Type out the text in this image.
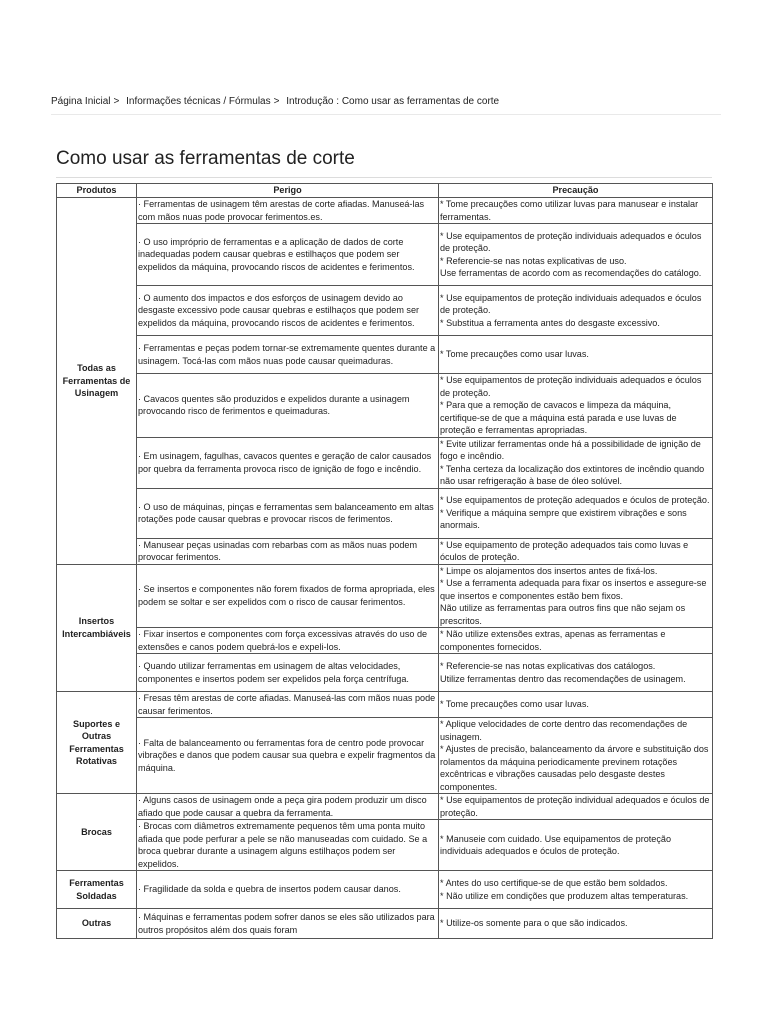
Página Inicial > Informações técnicas / Fórmulas > Introdução : Como usar as ferramentas de corte
Como usar as ferramentas de corte
Produtos	Perigo	Precaução
Todas as Ferramentas de Usinagem	· Ferramentas de usinagem têm arestas de corte afiadas. Manuseá-las com mãos nuas pode provocar ferimentos.es.	* Tome precauções como utilizar luvas para manusear e instalar ferramentas.

	· O uso impróprio de ferramentas e a aplicação de dados de corte inadequadas podem causar quebras e estilhaços que podem ser expelidos da máquina, provocando riscos de acidentes e ferimentos.	* Use equipamentos de proteção individuais adequados e óculos de proteção.
* Referencie-se nas notas explicativas de uso.
Use ferramentas de acordo com as recomendações do catálogo.

	· O aumento dos impactos e dos esforços de usinagem devido ao desgaste excessivo pode causar quebras e estilhaços que podem ser expelidos da máquina, provocando riscos de acidentes e ferimentos.	* Use equipamentos de proteção individuais adequados e óculos de proteção.
* Substitua a ferramenta antes do desgaste excessivo.

	· Ferramentas e peças podem tornar-se extremamente quentes durante a usinagem. Tocá-las com mãos nuas pode causar queimaduras.	* Tome precauções como usar luvas.

	· Cavacos quentes são produzidos e expelidos durante a usinagem provocando risco de ferimentos e queimaduras.	* Use equipamentos de proteção individuais adequados e óculos de proteção.
* Para que a remoção de cavacos e limpeza da máquina, certifique-se de que a máquina está parada e use luvas de proteção e ferramentas apropriadas.

	· Em usinagem, fagulhas, cavacos quentes e geração de calor causados por quebra da ferramenta provoca risco de ignição de fogo e incêndio.	* Evite utilizar ferramentas onde há a possibilidade de ignição de fogo e incêndio.
* Tenha certeza da localização dos extintores de incêndio quando não usar refrigeração à base de óleo solúvel.

	· O uso de máquinas, pinças e ferramentas sem balanceamento em altas rotações pode causar quebras e provocar riscos de ferimentos.	* Use equipamentos de proteção adequados e óculos de proteção.
* Verifique a máquina sempre que existirem vibrações e sons anormais.

	· Manusear peças usinadas com rebarbas com as mãos nuas podem provocar ferimentos.	* Use equipamento de proteção adequados tais como luvas e óculos de proteção.

Insertos Intercambiáveis	· Se insertos e componentes não forem fixados de forma apropriada, eles podem se soltar e ser expelidos com o risco de causar ferimentos.	* Limpe os alojamentos dos insertos antes de fixá-los.
* Use a ferramenta adequada para fixar os insertos e assegure-se que insertos e componentes estão bem fixos.
Não utilize as ferramentas para outros fins que não sejam os prescritos.

	· Fixar insertos e componentes com força excessivas através do uso de extensões e canos podem quebrá-los e expeli-los.	* Não utilize extensões extras, apenas as ferramentas e componentes fornecidos.

	· Quando utilizar ferramentas em usinagem de altas velocidades, componentes e insertos podem ser expelidos pela força centrífuga.	* Referencie-se nas notas explicativas dos catálogos.
Utilize ferramentas dentro das recomendações de usinagem.

Suportes e Outras Ferramentas Rotativas	· Fresas têm arestas de corte afiadas. Manuseá-las com mãos nuas pode causar ferimentos.	* Tome precauções como usar luvas.

	· Falta de balanceamento ou ferramentas fora de centro pode provocar vibrações e danos que podem causar sua quebra e expelir fragmentos da máquina.	* Aplique velocidades de corte dentro das recomendações de usinagem.
* Ajustes de precisão, balanceamento da árvore e substituição dos rolamentos da máquina periodicamente previnem rotações excêntricas e vibrações causadas pelo desgaste destes componentes.

Brocas	· Alguns casos de usinagem onde a peça gira podem produzir um disco afiado que pode causar a quebra da ferramenta.	* Use equipamentos de proteção individual adequados e óculos de proteção.

	· Brocas com diâmetros extremamente pequenos têm uma ponta muito afiada que pode perfurar a pele se não manuseadas com cuidado. Se a broca quebrar durante a usinagem alguns estilhaços podem ser expelidos.	* Manuseie com cuidado. Use equipamentos de proteção individuais adequados e óculos de proteção.

Ferramentas Soldadas	· Fragilidade da solda e quebra de insertos podem causar danos.	* Antes do uso certifique-se de que estão bem soldados.
* Não utilize em condições que produzem altas temperaturas.

Outras	· Máquinas e ferramentas podem sofrer danos se eles são utilizados para outros propósitos além dos quais foram	* Utilize-os somente para o que são indicados.
